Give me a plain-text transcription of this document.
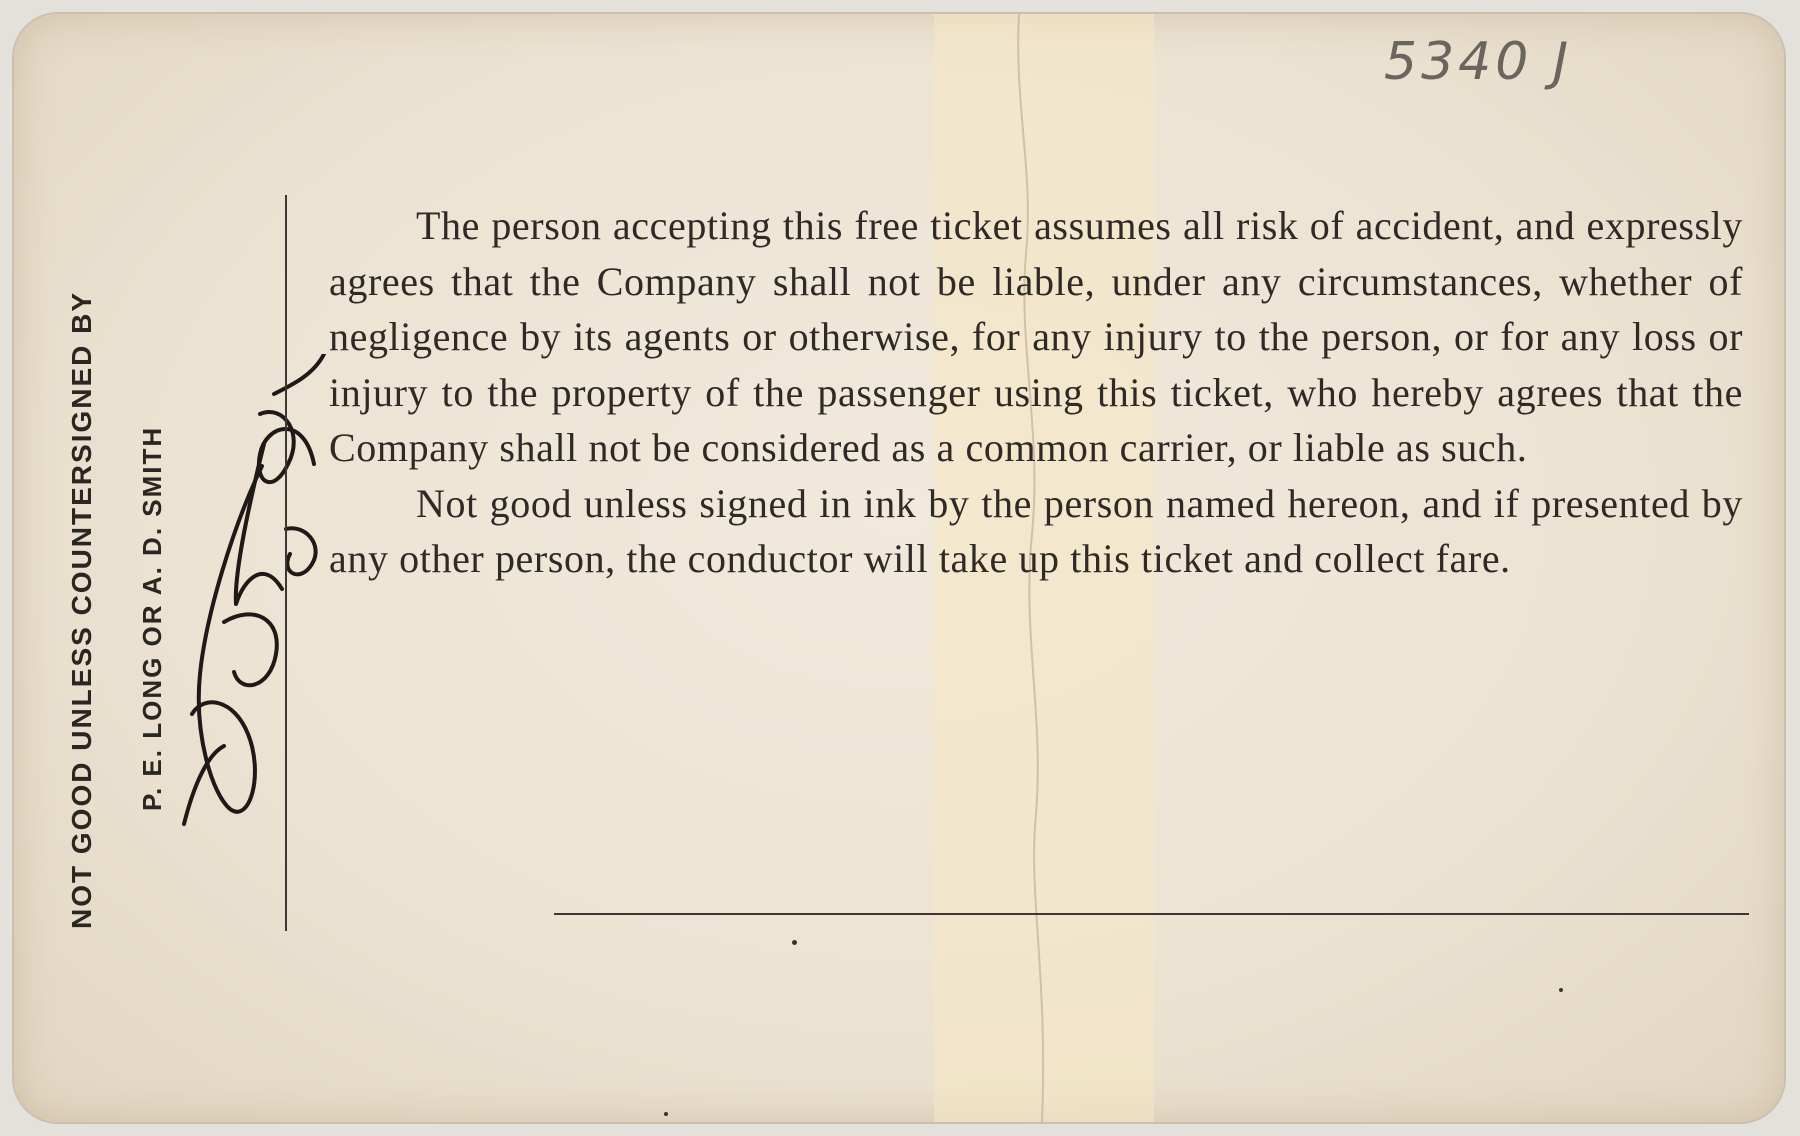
5340 J
NOT GOOD UNLESS COUNTERSIGNED BY P. E. LONG OR A. D. SMITH

The person accepting this free ticket assumes all risk of accident, and expressly agrees that the Company shall not be liable, under any circumstances, whether of negligence by its agents or otherwise, for any injury to the person, or for any loss or injury to the property of the passenger using this ticket, who hereby agrees that the Company shall not be considered as a common carrier, or liable as such.

Not good unless signed in ink by the person named hereon, and if presented by any other person, the conductor will take up this ticket and collect fare.
